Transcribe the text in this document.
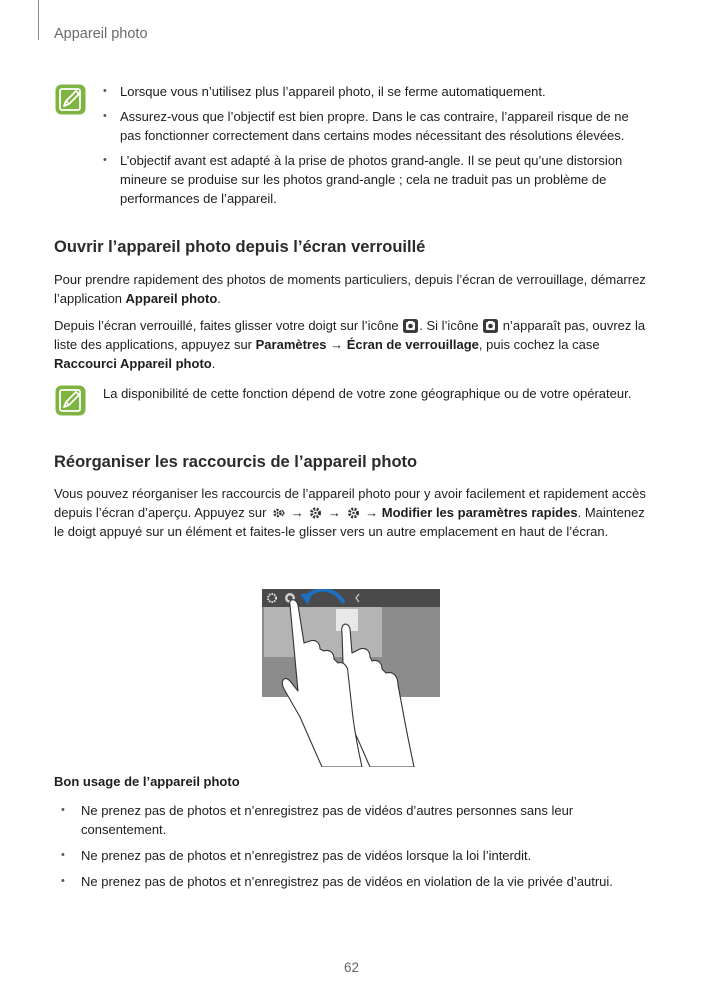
Appareil photo
• Lorsque vous n’utilisez plus l’appareil photo, il se ferme automatiquement.
• Assurez-vous que l’objectif est bien propre. Dans le cas contraire, l’appareil risque de ne pas fonctionner correctement dans certains modes nécessitant des résolutions élevées.
• L’objectif avant est adapté à la prise de photos grand-angle. Il se peut qu’une distorsion mineure se produise sur les photos grand-angle ; cela ne traduit pas un problème de performances de l’appareil.
Ouvrir l’appareil photo depuis l’écran verrouillé

Pour prendre rapidement des photos de moments particuliers, depuis l’écran de verrouillage, démarrez l’application Appareil photo.

Depuis l’écran verrouillé, faites glisser votre doigt sur l’icône
. Si l’icône
n’apparaît pas, ouvrez la liste des applications, appuyez sur Paramètres → Écran de verrouillage, puis cochez la case Raccourci Appareil photo.

La disponibilité de cette fonction dépend de votre zone géographique ou de votre opérateur.

Réorganiser les raccourcis de l’appareil photo

Vous pouvez réorganiser les raccourcis de l’appareil photo pour y avoir facilement et rapidement accès depuis l’écran d’aperçu. Appuyez sur
→
→
→ Modifier les paramètres rapides. Maintenez le doigt appuyé sur un élément et faites-le glisser vers un autre emplacement en haut de l’écran.

Bon usage de l’appareil photo
• Ne prenez pas de photos et n’enregistrez pas de vidéos d’autres personnes sans leur consentement.
• Ne prenez pas de photos et n’enregistrez pas de vidéos lorsque la loi l’interdit.
• Ne prenez pas de photos et n’enregistrez pas de vidéos en violation de la vie privée d’autrui.
62
